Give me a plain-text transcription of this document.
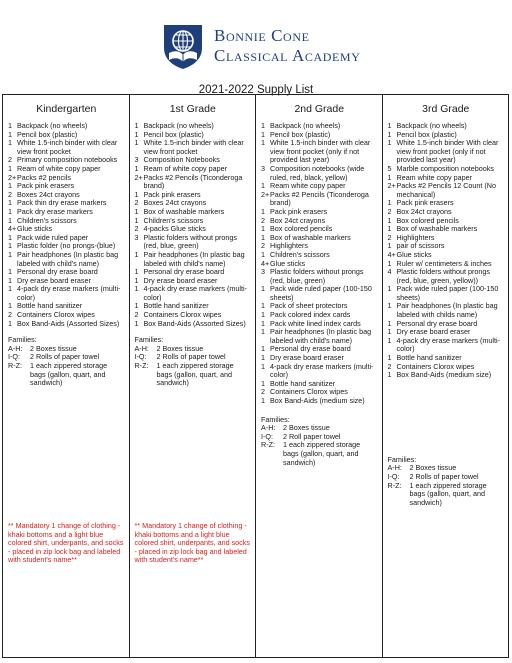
Bonnie Cone
Classical Academy
2021-2022 Supply List
Kindergarten
1 Backpack (no wheels)
1 Pencil box (plastic)
1 White 1.5-inch binder with clear view front pocket
2 Primary composition notebooks
1 Ream of white copy paper
2+ Packs #2 pencils
1 Pack pink erasers
2 Boxes 24ct crayons
1 Pack thin dry erase markers
1 Pack dry erase markers
1 Children's scissors
4+ Glue sticks
1 Pack wide ruled paper
1 Plastic folder (no prongs-(blue)
1 Pair headphones (In plastic bag labeled with child's name)
1 Personal dry erase board
1 Dry erase board eraser
1 4-pack dry erase markers (multi-color)
1 Bottle hand sanitizer
2 Containers Clorox wipes
1 Box Band-Aids (Assorted Sizes)
Families:
A-H:	2 Boxes tissue
I-Q:	2 Rolls of paper towel
R-Z:	1 each zippered storage bags (gallon, quart, and sandwich)
** Mandatory 1 change of clothing - khaki bottoms and a light blue colored shirt, underpants, and socks - placed in zip lock bag and labeled with student's name**
1st Grade
1 Backpack (no wheels)
1 Pencil box (plastic)
1 White 1.5-inch binder with clear view front pocket
3 Composition Notebooks
1 Ream of white copy paper
2+ Packs #2 Pencils (Ticonderoga brand)
1 Pack pink erasers
2 Boxes 24ct crayons
1 Box of washable markers
1 Children's scissors
2 4-packs Glue sticks
3 Plastic folders without prongs (red, blue, green)
1 Pair headphones (In plastic bag labeled with child's name)
1 Personal dry erase board
1 Dry erase board eraser
1 4-pack dry erase markers (multi-color)
1 Bottle hand sanitizer
2 Containers Clorox wipes
1 Box Band-Aids (Assorted Sizes)
Families:
A-H:	2 Boxes tissue
I-Q:	2 Rolls of paper towel
R-Z:	1 each zippered storage bags (gallon, quart, and sandwich)
** Mandatory 1 change of clothing - khaki bottoms and a light blue colored shirt, underpants, and socks - placed in zip lock bag and labeled with student's name**
2nd Grade
1 Backpack (no wheels)
1 Pencil box (plastic)
1 White 1.5-inch binder with clear view front pocket (only if not provided last year)
3 Composition notebooks (wide ruled, red, black, yellow)
1 Ream white copy paper
2+ Packs #2 Pencils (Ticonderoga brand)
1 Pack pink erasers
2 Box 24ct crayons
1 Box colored pencils
1 Box of washable markers
2 Highlighters
1 Children's scissors
4+ Glue sticks
3 Plastic folders without prongs (red, blue, green)
1 Pack wide ruled paper (100-150 sheets)
1 Pack of sheet protectors
1 Pack colored index cards
1 Pack white lined index cards
1 Pair headphones (In plastic bag labeled with child's name)
1 Personal dry erase board
1 Dry erase board eraser
1 4-pack dry erase markers (multi-color)
1 Bottle hand sanitizer
2 Containers Clorox wipes
1 Box Band-Aids (medium size)
Families:
A-H:	2 Boxes tissue
I-Q:	2 Roll paper towel
R-Z:	1 each zippered storage bags (gallon, quart, and sandwich)
3rd Grade
1 Backpack (no wheels)
1 Pencil box (plastic)
1 White 1.5-inch binder With clear view front pocket (only if not provided last year)
5 Marble composition notebooks
1 Ream white copy paper
2+ Packs #2 Pencils 12 Count (No mechanical)
1 Pack pink erasers
2 Box 24ct crayons
1 Box colored pencils
1 Box of washable markers
2 Highlighters
1 pair of scissors
4+ Glue sticks
1 Ruler w/ centimeters & inches
4 Plastic folders without prongs (red, blue, green, yellow))
1 Pack wide ruled paper (100-150 sheets)
1 Pair headphones (In plastic bag labeled with childs name)
1 Personal dry erase board
1 Dry erase board eraser
1 4-pack dry erase markers (multi-color)
1 Bottle hand sanitizer
2 Containers Clorox wipes
1 Box Band-Aids (medium size)
Families:
A-H:	2 Boxes tissue
I-Q:	2 Rolls of paper towel
R-Z:	1 each zippered storage bags (gallon, quart, and sandwich)
